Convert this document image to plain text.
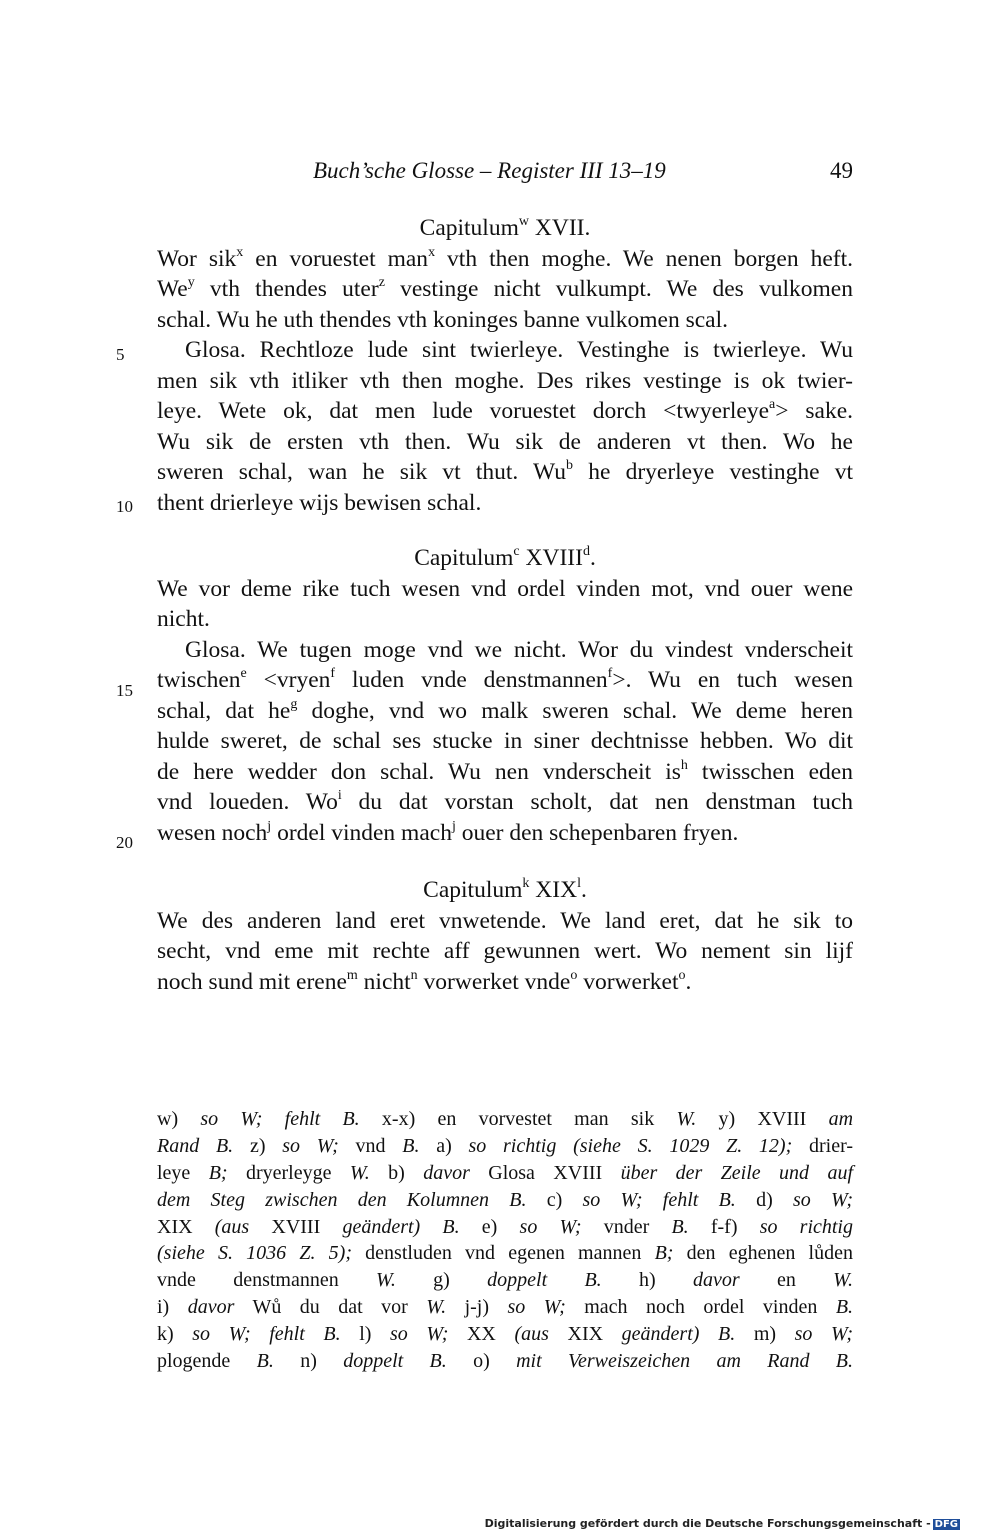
Buch’sche Glosse – Register III 13–19	49
5
10
15
20
Capitulum$^w$ XVII.
Wor sik$^x$ en voruestet man$^x$ vth then moghe. We nenen borgen heft.
We$^y$ vth thendes uter$^z$ vestinge nicht vulkumpt. We des vulkomen
schal. Wu he uth thendes vth koninges banne vulkomen scal.
Glosa. Rechtloze lude sint twierleye. Vestinghe is twierleye. Wu
men sik vth itliker vth then moghe. Des rikes vestinge is ok twier-
leye. Wete ok, dat men lude voruestet dorch <twyerleye$^a$> sake.
Wu sik de ersten vth then. Wu sik de anderen vt then. Wo he
sweren schal, wan he sik vt thut. Wu$^b$ he dryerleye vestinghe vt
thent drierleye wijs bewisen schal.
Capitulum$^c$ XVIII$^d$.
We vor deme rike tuch wesen vnd ordel vinden mot, vnd ouer wene
nicht.
Glosa. We tugen moge vnd we nicht. Wor du vindest vnderscheit
twischen$^e$ <vryen$^f$ luden vnde denstmannen$^f$>. Wu en tuch wesen
schal, dat $he^g$ doghe, vnd wo malk sweren schal. We deme heren
hulde sweret, de schal ses stucke in siner dechtnisse hebben. Wo dit
de here wedder don schal. Wu nen vnderscheit $is^h$ twisschen eden
vnd loueden. Wo$^i$ du dat vorstan scholt, dat nen denstman tuch
wesen noch$^j$ ordel vinden mach$^j$ ouer den schepenbaren fryen.
Capitulum$^k$ XIX$^l$.
We des anderen land eret vnwetende. We land eret, dat he sik to
secht, vnd eme mit rechte aff gewunnen wert. Wo nement sin lijf
noch sund mit erene$^m$ nicht$^n$ vorwerket vnde$^o$ vorwerket$^o$.
w) so W; fehlt B. x-x) en vorvestet man sik W. y) XVIII am
Rand B. z) so W; vnd B. a) so richtig (siehe S. 1029 Z. 12); drier-
leye B; dryerleyge W. b) davor Glosa XVIII über der Zeile und auf
dem Steg zwischen den Kolumnen B. c) so W; fehlt B. d) so W;
XIX (aus XVIII geändert) B. e) so W; vnder B. f-f) so richtig
(siehe S. 1036 Z. 5); denstluden vnd egenen mannen B; den eghenen lůden
vnde denstmannen W. g) doppelt B. h) davor en W.
i) davor Wů du dat vor W. j-j) so W; mach noch ordel vinden B.
k) so W; fehlt B. l) so W; XX (aus XIX geändert) B. m) so W;
plogende B. n) doppelt B. o) mit Verweiszeichen am Rand B.
Digitalisierung gefördert durch die Deutsche Forschungsgemeinschaft - DFG
